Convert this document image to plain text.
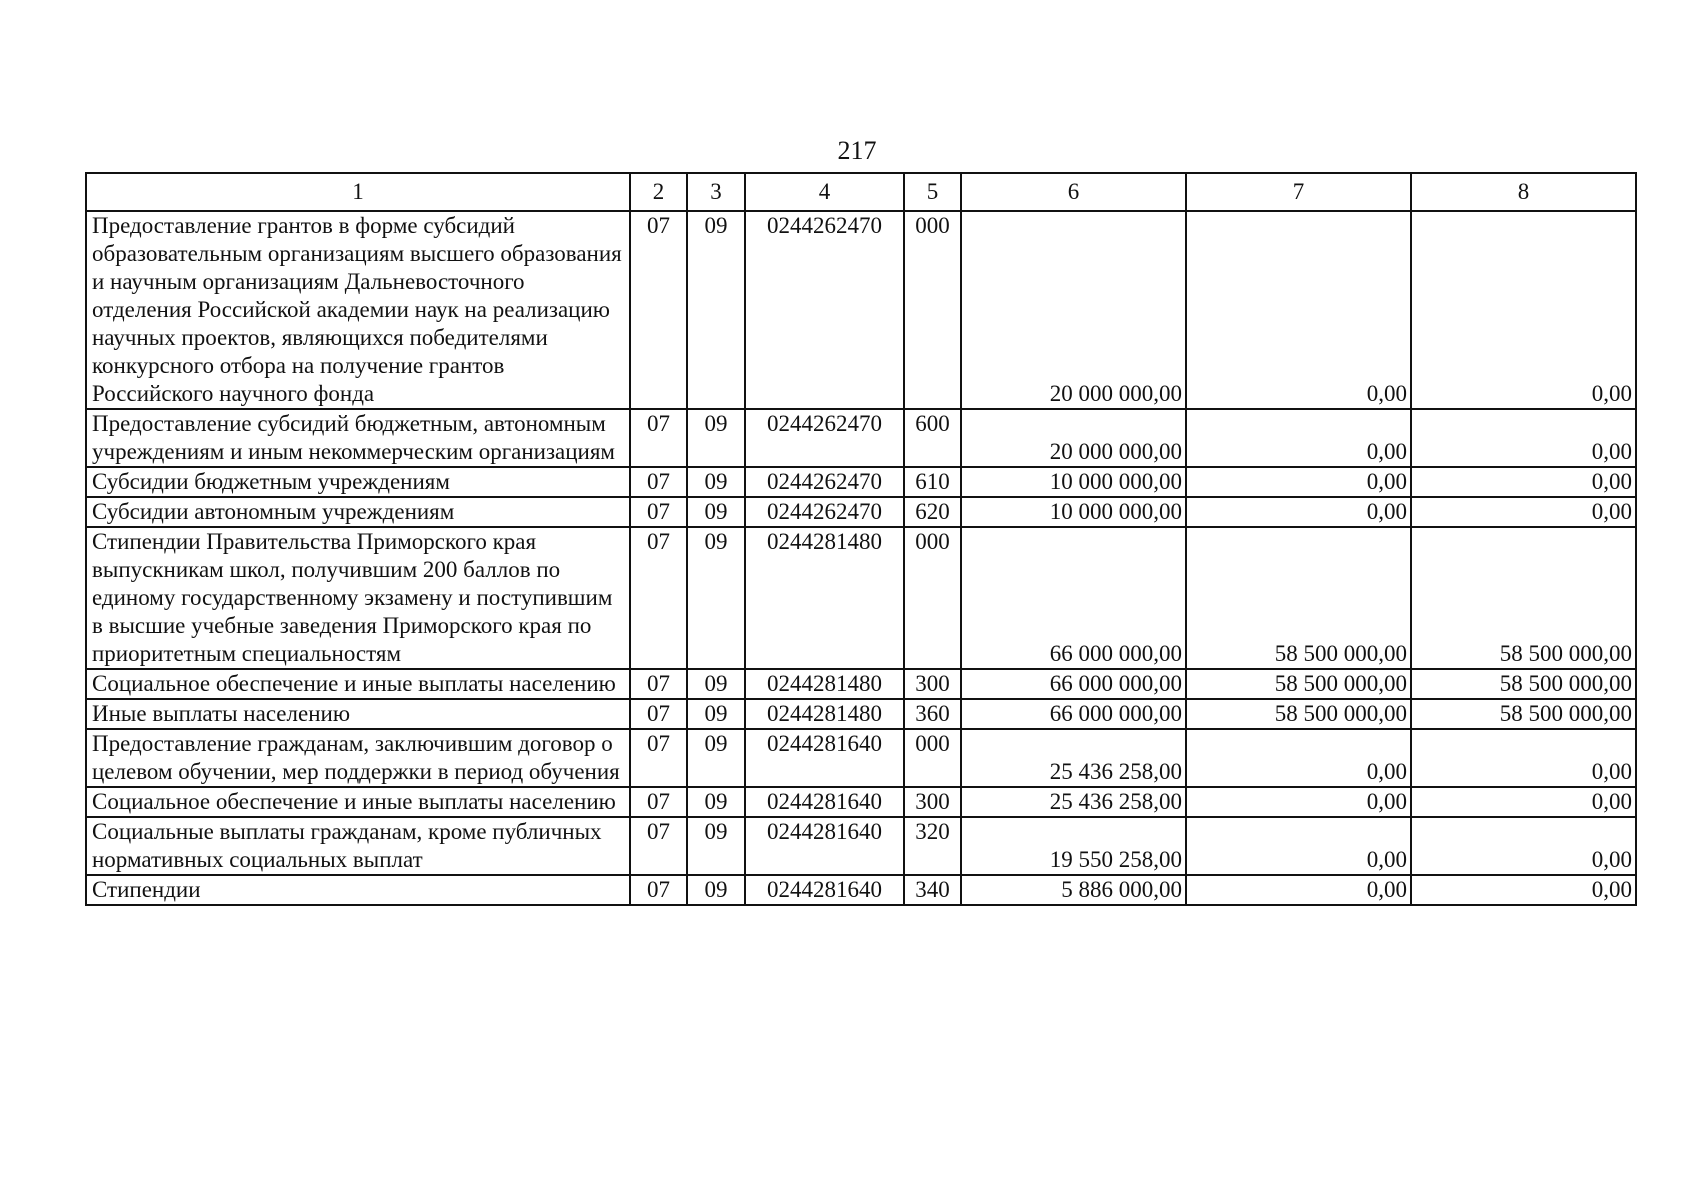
217
1	2	3	4	5	6	7	8
Предоставление грантов в форме субсидий образовательным организациям высшего образования и научным организациям Дальневосточного отделения Российской академии наук на реализацию научных проектов, являющихся победителями конкурсного отбора на получение грантов Российского научного фонда	07	09	0244262470	000	20 000 000,00	0,00	0,00
Предоставление субсидий бюджетным, автономным учреждениям и иным некоммерческим организациям	07	09	0244262470	600	20 000 000,00	0,00	0,00
Субсидии бюджетным учреждениям	07	09	0244262470	610	10 000 000,00	0,00	0,00
Субсидии автономным учреждениям	07	09	0244262470	620	10 000 000,00	0,00	0,00
Стипендии Правительства Приморского края выпускникам школ, получившим 200 баллов по единому государственному экзамену и поступившим в высшие учебные заведения Приморского края по приоритетным специальностям	07	09	0244281480	000	66 000 000,00	58 500 000,00	58 500 000,00
Социальное обеспечение и иные выплаты населению	07	09	0244281480	300	66 000 000,00	58 500 000,00	58 500 000,00
Иные выплаты населению	07	09	0244281480	360	66 000 000,00	58 500 000,00	58 500 000,00
Предоставление гражданам, заключившим договор о целевом обучении, мер поддержки в период обучения	07	09	0244281640	000	25 436 258,00	0,00	0,00
Социальное обеспечение и иные выплаты населению	07	09	0244281640	300	25 436 258,00	0,00	0,00
Социальные выплаты гражданам, кроме публичных нормативных социальных выплат	07	09	0244281640	320	19 550 258,00	0,00	0,00
Стипендии	07	09	0244281640	340	5 886 000,00	0,00	0,00
